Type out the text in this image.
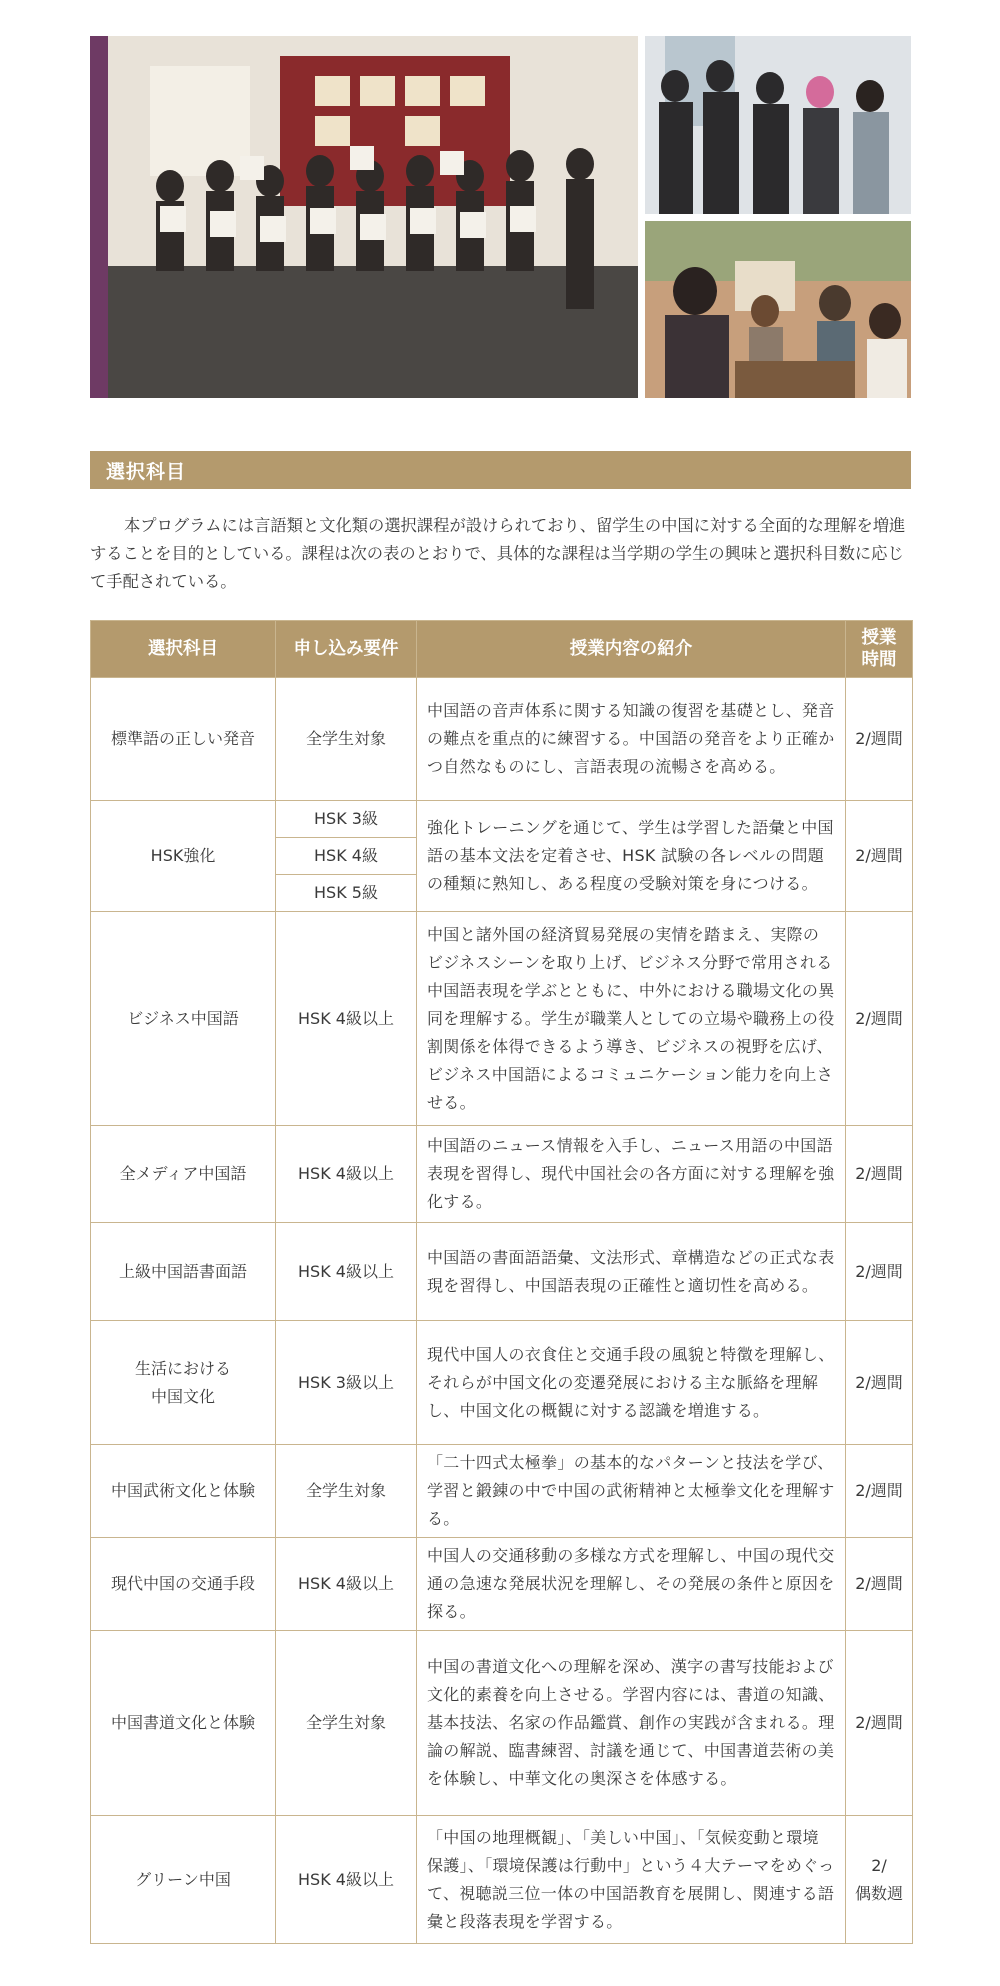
選択科目

本プログラムには言語類と文化類の選択課程が設けられており、留学生の中国に対する全面的な理解を増進することを目的としている。課程は次の表のとおりで、具体的な課程は当学期の学生の興味と選択科目数に応じて手配されている。

選択科目	申し込み要件	授業内容の紹介	授業
時間
標準語の正しい発音	全学生対象	中国語の音声体系に関する知識の復習を基礎とし、発音の難点を重点的に練習する。中国語の発音をより正確かつ自然なものにし、言語表現の流暢さを高める。	2/週間
HSK強化	HSK 3級	強化トレーニングを通じて、学生は学習した語彙と中国語の基本文法を定着させ、HSK 試験の各レベルの問題の種類に熟知し、ある程度の受験対策を身につける。	2/週間
	HSK 4級		
	HSK 5級		
ビジネス中国語	HSK 4級以上	中国と諸外国の経済貿易発展の実情を踏まえ、実際のビジネスシーンを取り上げ、ビジネス分野で常用される中国語表現を学ぶとともに、中外における職場文化の異同を理解する。学生が職業人としての立場や職務上の役割関係を体得できるよう導き、ビジネスの視野を広げ、ビジネス中国語によるコミュニケーション能力を向上させる。	2/週間
全メディア中国語	HSK 4級以上	中国語のニュース情報を入手し、ニュース用語の中国語表現を習得し、現代中国社会の各方面に対する理解を強化する。	2/週間
上級中国語書面語	HSK 4級以上	中国語の書面語語彙、文法形式、章構造などの正式な表現を習得し、中国語表現の正確性と適切性を高める。	2/週間
生活における
中国文化	HSK 3級以上	現代中国人の衣食住と交通手段の風貌と特徴を理解し、それらが中国文化の変遷発展における主な脈絡を理解し、中国文化の概観に対する認識を増進する。	2/週間
中国武術文化と体験	全学生対象	「二十四式太極拳」の基本的なパターンと技法を学び、学習と鍛錬の中で中国の武術精神と太極拳文化を理解する。	2/週間
現代中国の交通手段	HSK 4級以上	中国人の交通移動の多様な方式を理解し、中国の現代交通の急速な発展状況を理解し、その発展の条件と原因を探る。	2/週間
中国書道文化と体験	全学生対象	中国の書道文化への理解を深め、漢字の書写技能および文化的素養を向上させる。学習内容には、書道の知識、基本技法、名家の作品鑑賞、創作の実践が含まれる。理論の解説、臨書練習、討議を通じて、中国書道芸術の美を体験し、中華文化の奥深さを体感する。	2/週間
グリーン中国	HSK 4級以上	「中国の地理概観」、「美しい中国」、「気候変動と環境保護」、「環境保護は行動中」という４大テーマをめぐって、視聴説三位一体の中国語教育を展開し、関連する語彙と段落表現を学習する。	2/
偶数週
